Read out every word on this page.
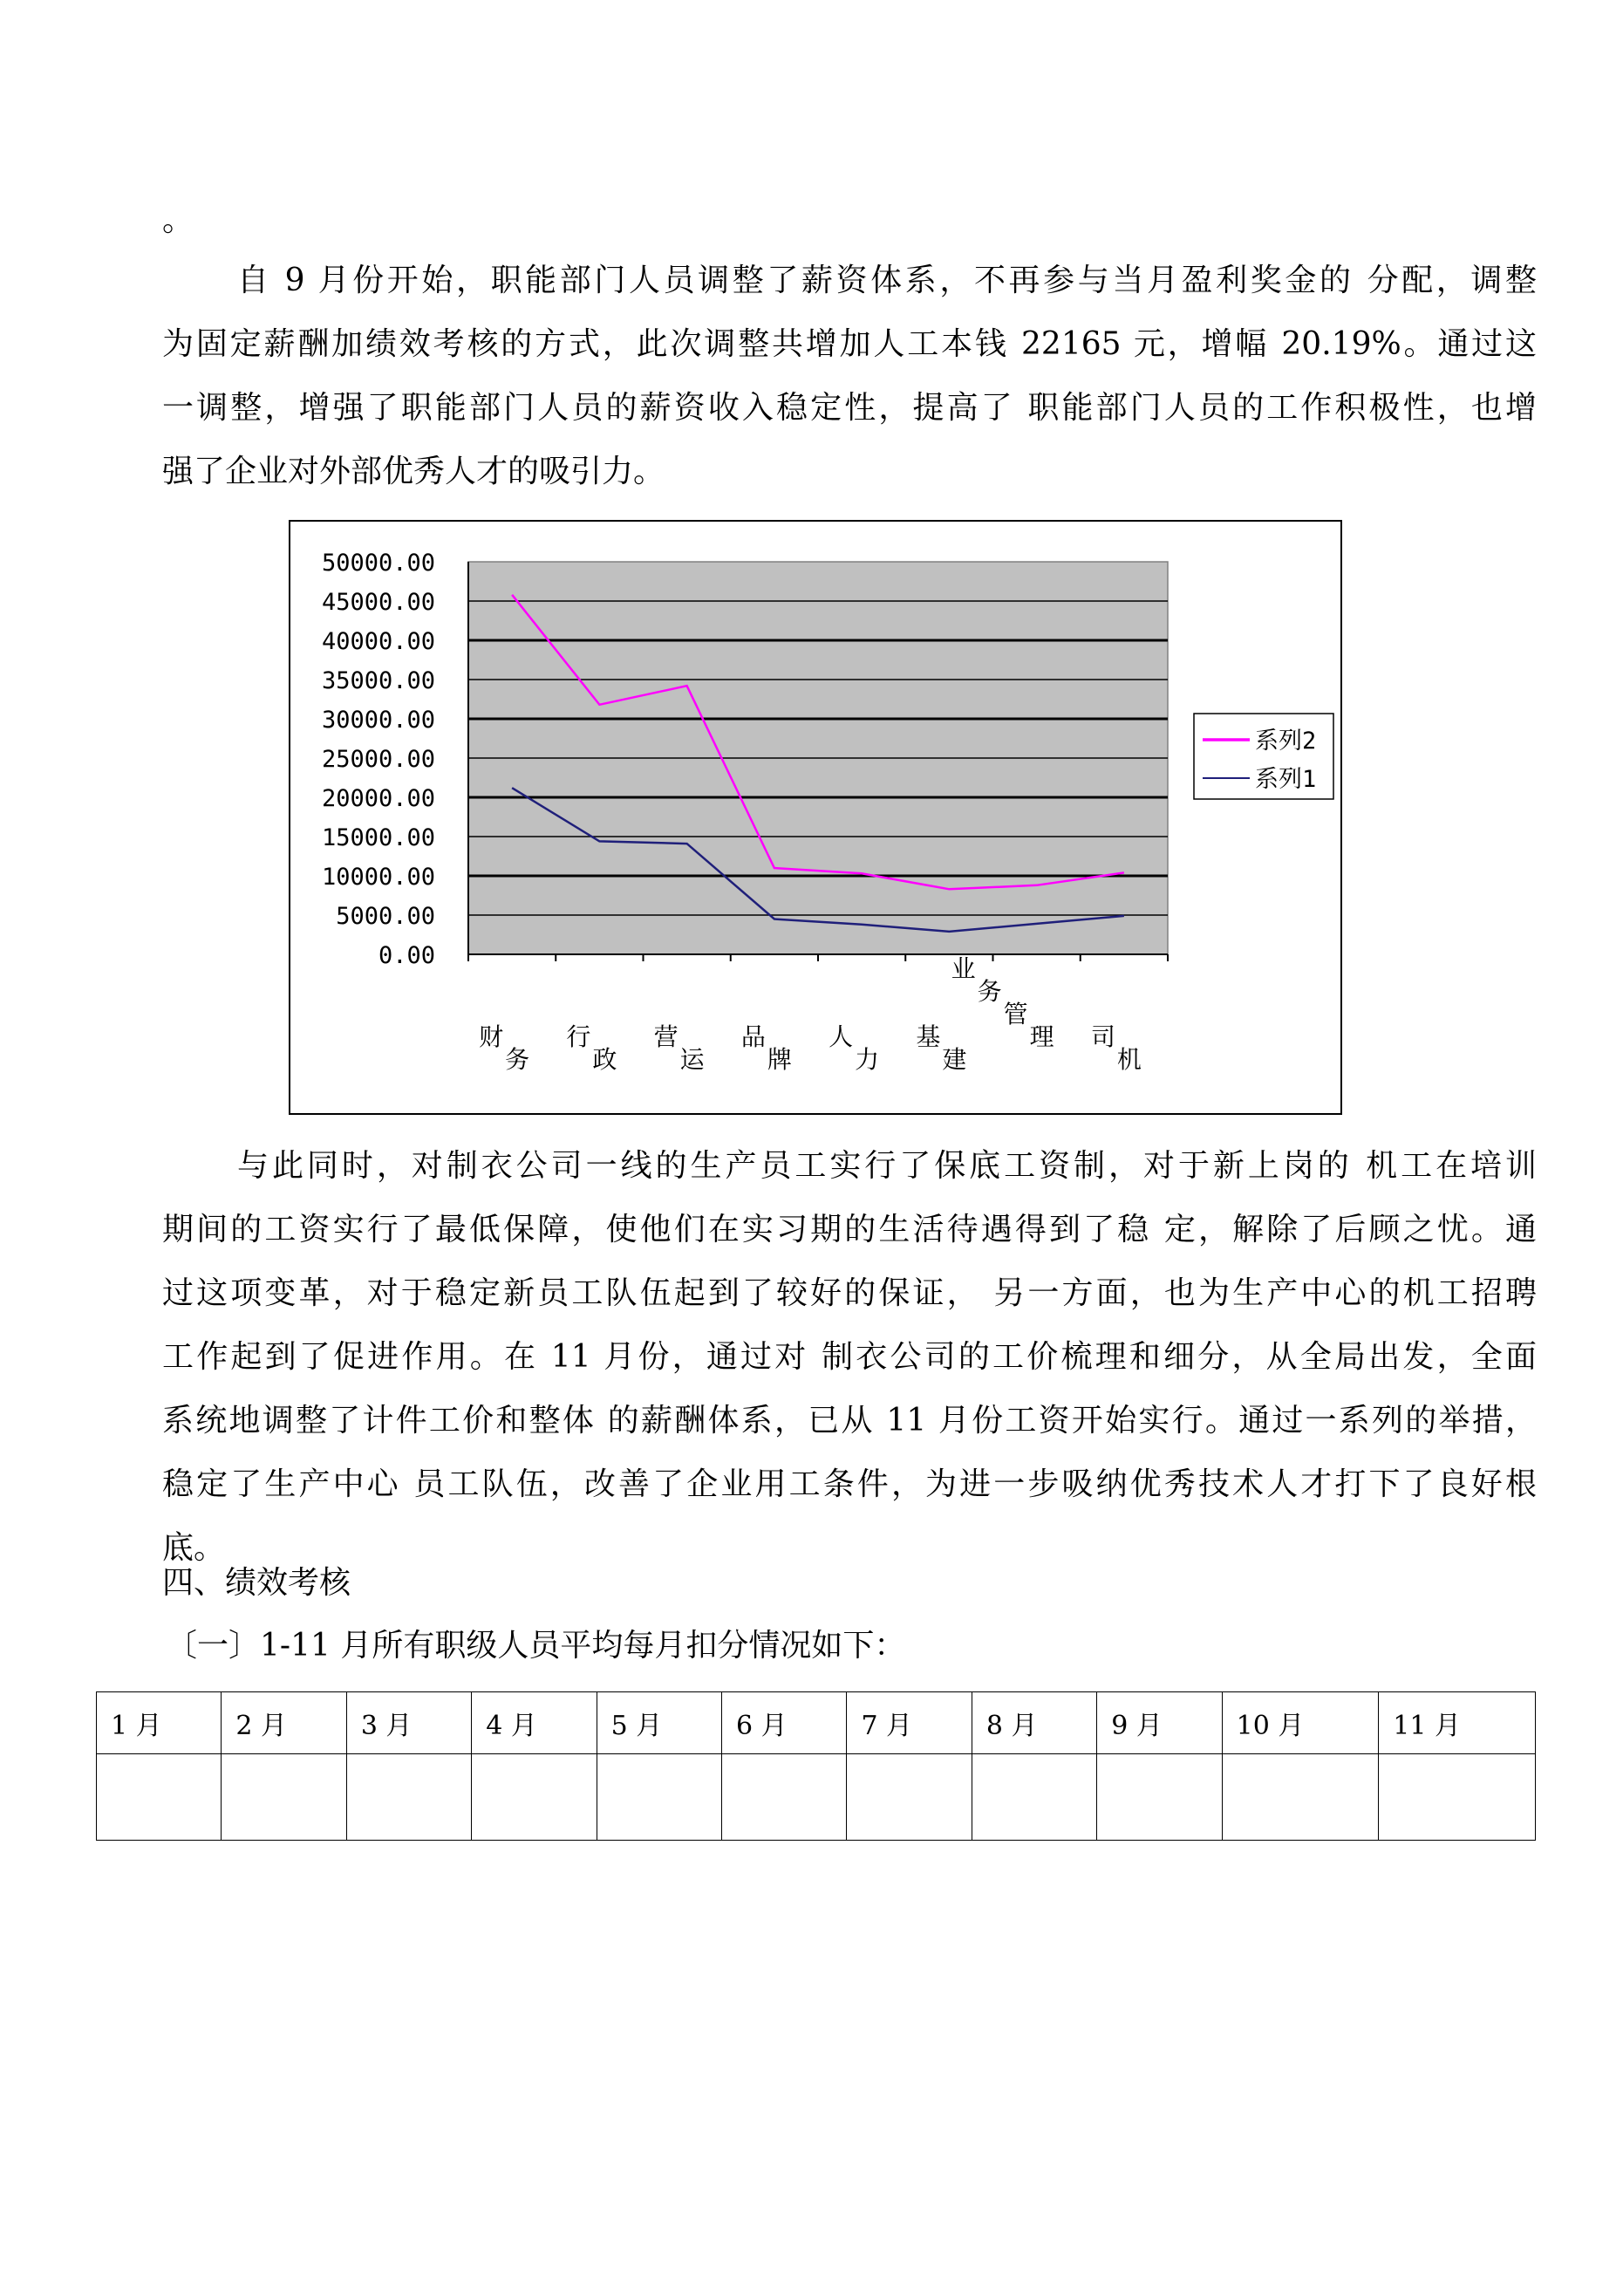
。

自 9 月份开始，职能部门人员调整了薪资体系，不再参与当月盈利奖金的 分配，调整
为固定薪酬加绩效考核的方式，此次调整共增加人工本钱 22165 元，增幅 20.19%。通过这
一调整，增强了职能部门人员的薪资收入稳定性，提高了 职能部门人员的工作积极性，也增
强了企业对外部优秀人才的吸引力。

50000.00
45000.00
40000.00
35000.00
30000.00
25000.00
20000.00
15000.00
10000.00
5000.00
0.00
财
务
行
政
营
运
品
牌
人
力
基
建
业
务
管
理 司
机
系列2
系列1

与此同时，对制衣公司一线的生产员工实行了保底工资制，对于新上岗的 机工在培训
期间的工资实行了最低保障，使他们在实习期的生活待遇得到了稳 定，解除了后顾之忧。通
过这项变革，对于稳定新员工队伍起到了较好的保证， 另一方面，也为生产中心的机工招聘
工作起到了促进作用。在 11 月份，通过对 制衣公司的工价梳理和细分，从全局出发，全面
系统地调整了计件工价和整体 的薪酬体系，已从 11 月份工资开始实行。通过一系列的举措，
稳定了生产中心 员工队伍，改善了企业用工条件，为进一步吸纳优秀技术人才打下了良好根
底。

四、绩效考核
〔一〕1-11 月所有职级人员平均每月扣分情况如下：
1 月	2 月	3 月	4 月	5 月	6 月	7 月	8 月	9 月	10 月	11 月
